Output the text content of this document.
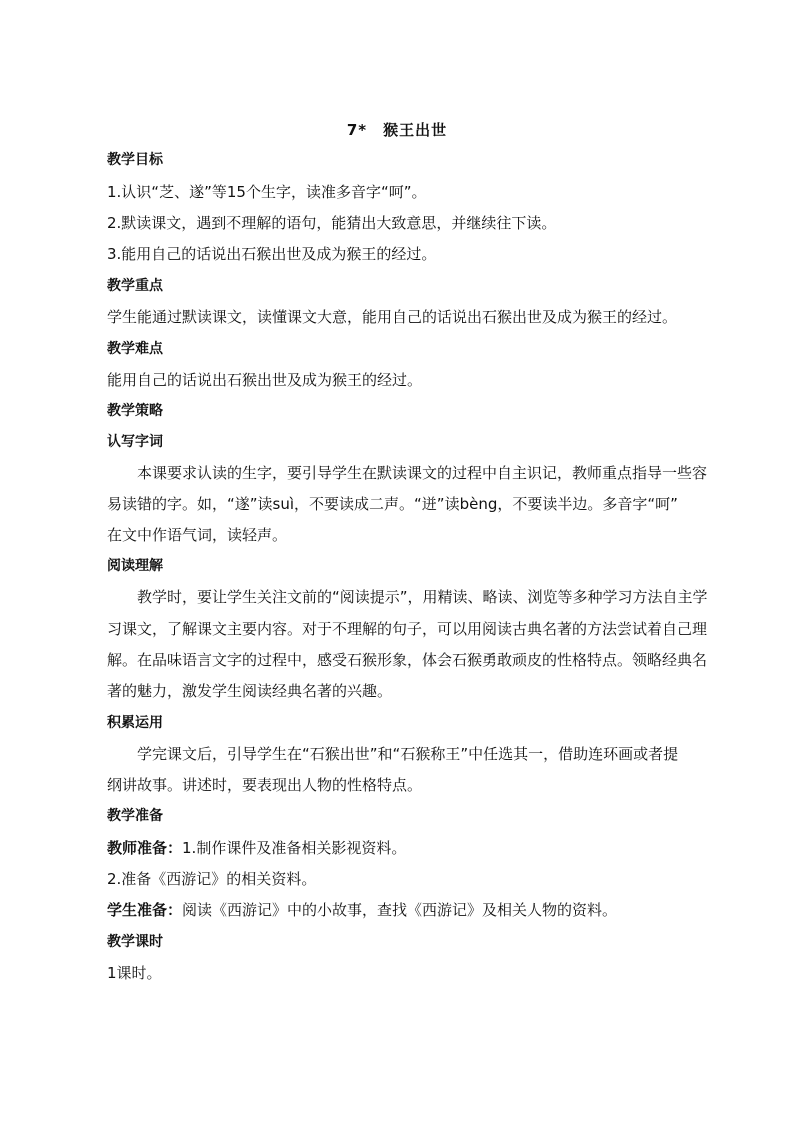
7*　猴王出世
教学目标
1.认识“芝、遂”等15个生字，读准多音字“呵”。
2.默读课文，遇到不理解的语句，能猜出大致意思，并继续往下读。
3.能用自己的话说出石猴出世及成为猴王的经过。
教学重点
学生能通过默读课文，读懂课文大意，能用自己的话说出石猴出世及成为猴王的经过。
教学难点
能用自己的话说出石猴出世及成为猴王的经过。
教学策略
认写字词
　　本课要求认读的生字，要引导学生在默读课文的过程中自主识记，教师重点指导一些容
易读错的字。如，“遂”读suì，不要读成二声。“迸”读bèng，不要读半边。多音字“呵”
在文中作语气词，读轻声。
阅读理解
　　教学时，要让学生关注文前的“阅读提示”，用精读、略读、浏览等多种学习方法自主学
习课文，了解课文主要内容。对于不理解的句子，可以用阅读古典名著的方法尝试着自己理
解。在品味语言文字的过程中，感受石猴形象，体会石猴勇敢顽皮的性格特点。领略经典名
著的魅力，激发学生阅读经典名著的兴趣。
积累运用
　　学完课文后，引导学生在“石猴出世”和“石猴称王”中任选其一，借助连环画或者提
纲讲故事。讲述时，要表现出人物的性格特点。
教学准备
教师准备：1.制作课件及准备相关影视资料。
2.准备《西游记》的相关资料。
学生准备：阅读《西游记》中的小故事，查找《西游记》及相关人物的资料。
教学课时
1课时。
